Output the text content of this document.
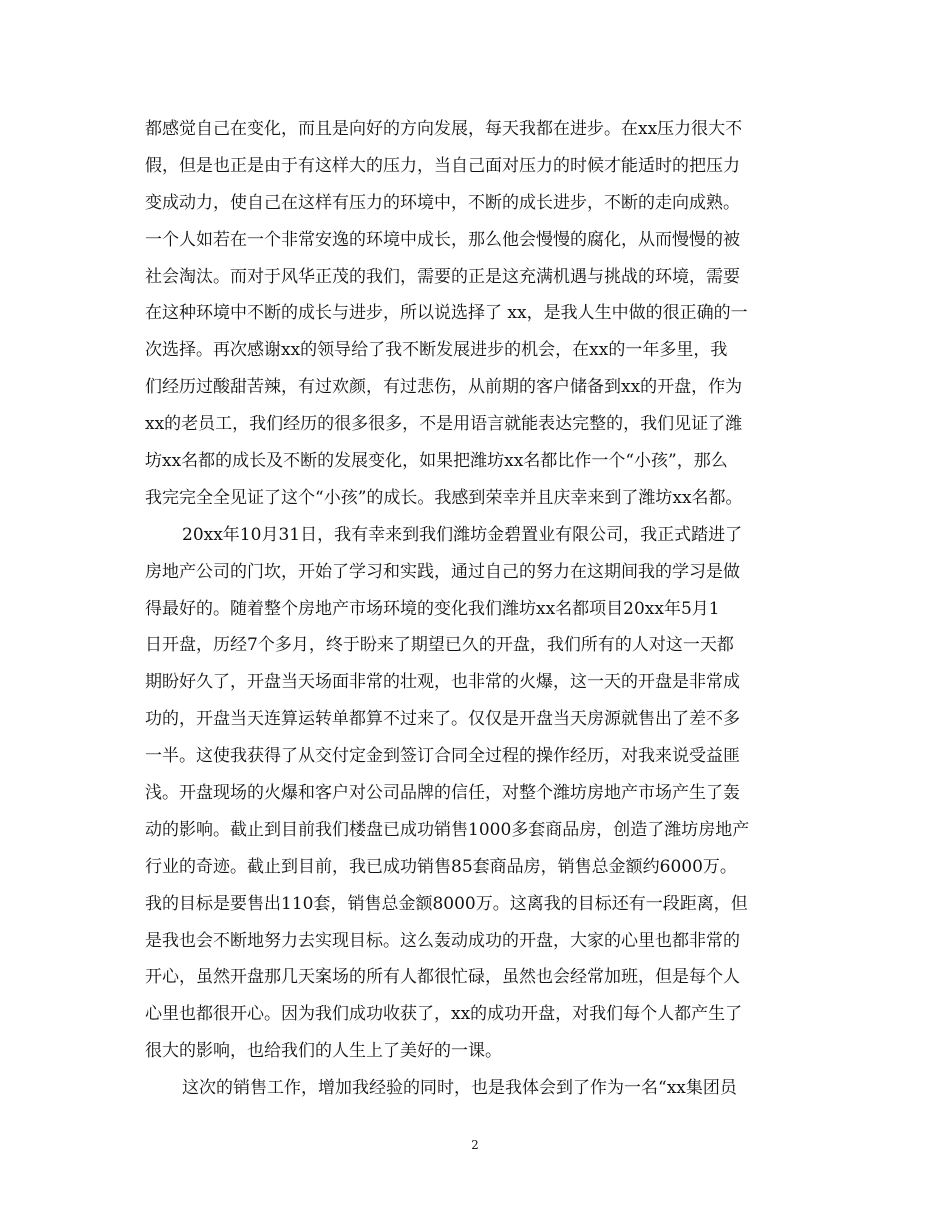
都感觉自己在变化，而且是向好的方向发展，每天我都在进步。在xx压力很大不
假，但是也正是由于有这样大的压力，当自己面对压力的时候才能适时的把压力
变成动力，使自己在这样有压力的环境中，不断的成长进步，不断的走向成熟。
一个人如若在一个非常安逸的环境中成长，那么他会慢慢的腐化，从而慢慢的被
社会淘汰。而对于风华正茂的我们，需要的正是这充满机遇与挑战的环境，需要
在这种环境中不断的成长与进步，所以说选择了 xx，是我人生中做的很正确的一
次选择。再次感谢xx的领导给了我不断发展进步的机会，在xx的一年多里，我
们经历过酸甜苦辣，有过欢颜，有过悲伤，从前期的客户储备到xx的开盘，作为
xx的老员工，我们经历的很多很多，不是用语言就能表达完整的，我们见证了潍
坊xx名都的成长及不断的发展变化，如果把潍坊xx名都比作一个“小孩”，那么
我完完全全见证了这个“小孩”的成长。我感到荣幸并且庆幸来到了潍坊xx名都。
20xx年10月31日，我有幸来到我们潍坊金碧置业有限公司，我正式踏进了
房地产公司的门坎，开始了学习和实践，通过自己的努力在这期间我的学习是做
得最好的。随着整个房地产市场环境的变化我们潍坊xx名都项目20xx年5月1
日开盘，历经7个多月，终于盼来了期望已久的开盘，我们所有的人对这一天都
期盼好久了，开盘当天场面非常的壮观，也非常的火爆，这一天的开盘是非常成
功的，开盘当天连算运转单都算不过来了。仅仅是开盘当天房源就售出了差不多
一半。这使我获得了从交付定金到签订合同全过程的操作经历，对我来说受益匪
浅。开盘现场的火爆和客户对公司品牌的信任，对整个潍坊房地产市场产生了轰
动的影响。截止到目前我们楼盘已成功销售1000多套商品房，创造了潍坊房地产
行业的奇迹。截止到目前，我已成功销售85套商品房，销售总金额约6000万。
我的目标是要售出110套，销售总金额8000万。这离我的目标还有一段距离，但
是我也会不断地努力去实现目标。这么轰动成功的开盘，大家的心里也都非常的
开心，虽然开盘那几天案场的所有人都很忙碌，虽然也会经常加班，但是每个人
心里也都很开心。因为我们成功收获了，xx的成功开盘，对我们每个人都产生了
很大的影响，也给我们的人生上了美好的一课。
这次的销售工作，增加我经验的同时，也是我体会到了作为一名“xx集团员
2
